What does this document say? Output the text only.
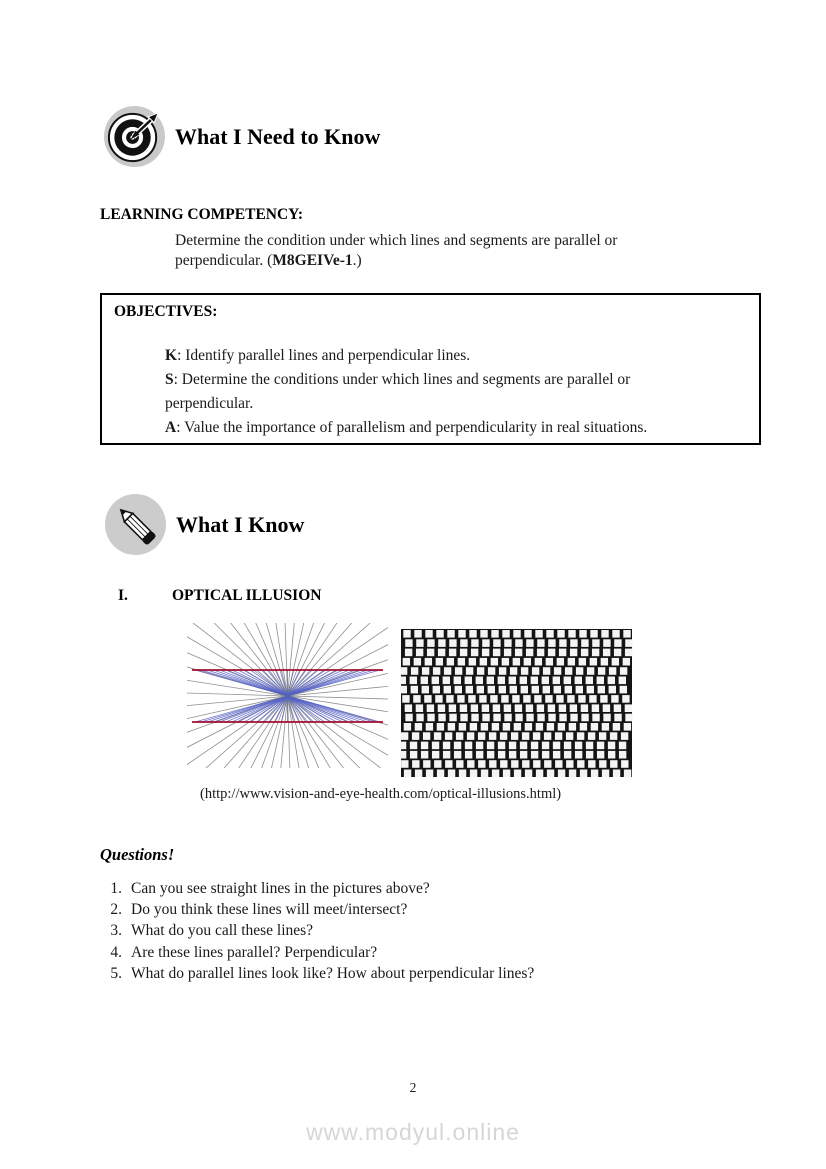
What I Need to Know
LEARNING COMPETENCY:
Determine the condition under which lines and segments are parallel or
perpendicular. (M8GEIVe-1.)
OBJECTIVES:
K: Identify parallel lines and perpendicular lines.
S: Determine the conditions under which lines and segments are parallel or
perpendicular.
A: Value the importance of parallelism and perpendicularity in real situations.
What I Know
I.	OPTICAL ILLUSION
(http://www.vision-and-eye-health.com/optical-illusions.html)
Questions!
1. Can you see straight lines in the pictures above?
2. Do you think these lines will meet/intersect?
3. What do you call these lines?
4. Are these lines parallel? Perpendicular?
5. What do parallel lines look like? How about perpendicular lines?
2
www.modyul.online
